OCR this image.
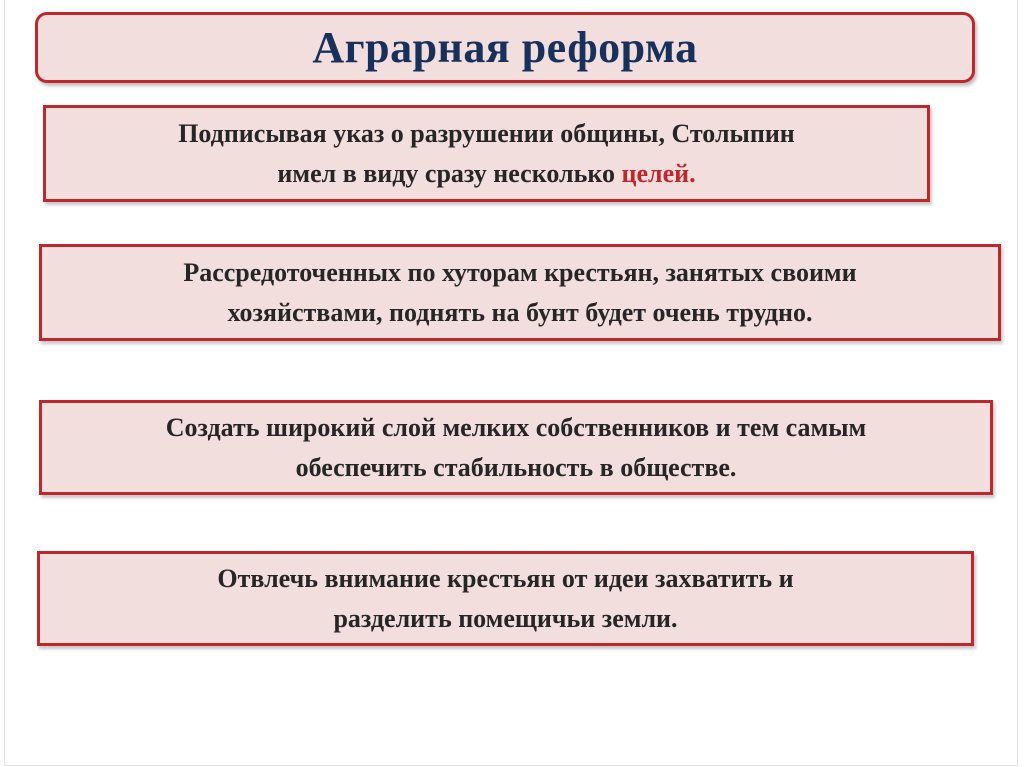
Аграрная реформа
Подписывая указ о разрушении общины, Столыпин
имел в виду сразу несколько целей.
Рассредоточенных по хуторам крестьян, занятых своими
хозяйствами, поднять на бунт будет очень трудно.
Создать широкий слой мелких собственников и тем самым
обеспечить стабильность в обществе.
Отвлечь внимание крестьян от идеи захватить и
разделить помещичьи земли.
